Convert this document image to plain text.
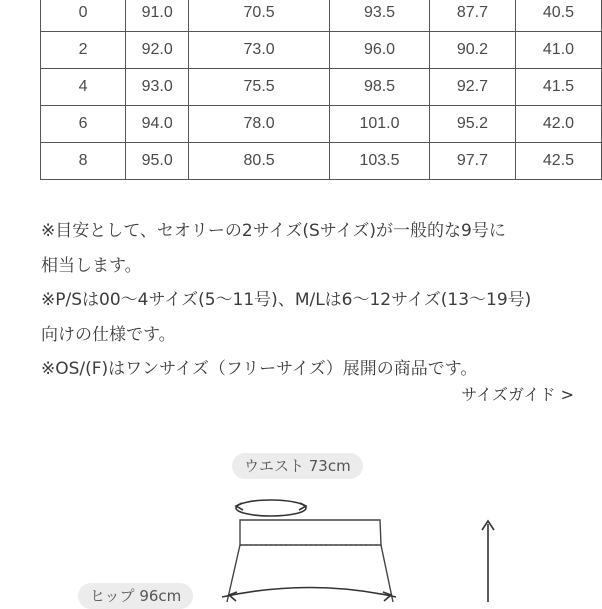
0	91.0	70.5	93.5	87.7	40.5
2	92.0	73.0	96.0	90.2	41.0
4	93.0	75.5	98.5	92.7	41.5
6	94.0	78.0	101.0	95.2	42.0
8	95.0	80.5	103.5	97.7	42.5

※目安として、セオリーの2サイズ(Sサイズ)が一般的な9号に

相当します。

※P/Sは00〜4サイズ(5〜11号)、M/Lは6〜12サイズ(13〜19号)

向けの仕様です。

※OS/(F)はワンサイズ（フリーサイズ）展開の商品です。

サイズガイド >
ウエスト 73cm
ヒップ 96cm
